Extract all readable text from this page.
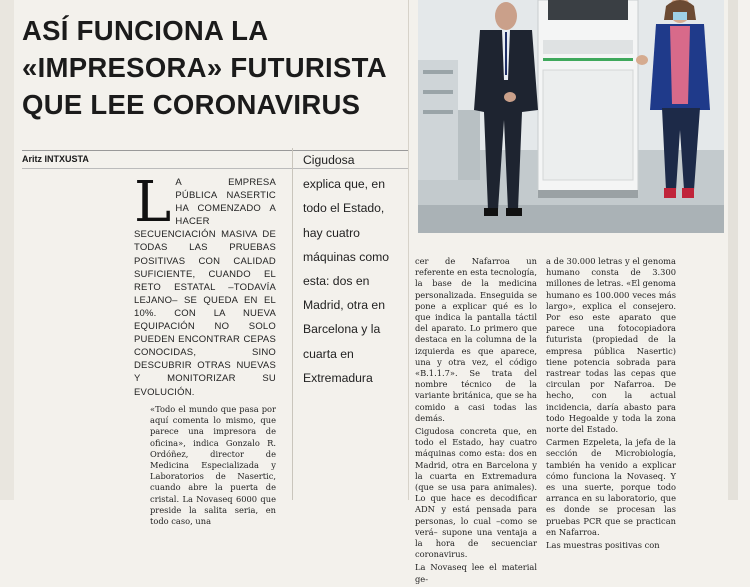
ASÍ FUNCIONA LA
«IMPRESORA» FUTURISTA
QUE LEE CORONAVIRUS
Aritz INTXUSTA
L A EMPRESA PÚBLICA NASERTIC HA COMENZADO A HACER SECUENCIACIÓN MASIVA DE TODAS LAS PRUEBAS POSITIVAS CON CALIDAD SUFICIENTE, CUANDO EL RETO ESTATAL –TODAVÍA LEJANO– SE QUEDA EN EL 10%. CON LA NUEVA EQUIPACIÓN NO SOLO PUEDEN ENCONTRAR CEPAS CONOCIDAS, SINO DESCUBRIR OTRAS NUEVAS Y MONITORIZAR SU EVOLUCIÓN.

«Todo el mundo que pasa por aquí comenta lo mismo, que parece una impresora de oficina», indica Gonzalo R. Ordóñez, director de Medicina Especializada y Laboratorios de Nasertic, cuando abre la puerta de cristal. La Novaseq 6000 que preside la salita seria, en todo caso, una

Cigudosa explica que, en todo el Estado, hay cuatro máquinas como esta: dos en Madrid, otra en Barcelona y la cuarta en Extremadura

cer de Nafarroa un referente en esta tecnología, la base de la medicina personalizada. Enseguida se pone a explicar qué es lo que indica la pantalla táctil del aparato. Lo primero que destaca en la columna de la izquierda es que aparece, una y otra vez, el código «B.1.1.7». Se trata del nombre técnico de la variante británica, que se ha comido a casi todas las demás.

Cigudosa concreta que, en todo el Estado, hay cuatro máquinas como esta: dos en Madrid, otra en Barcelona y la cuarta en Extremadura (que se usa para animales). Lo que hace es decodificar ADN y está pensada para personas, lo cual –como se verá– supone una ventaja a la hora de secuenciar coronavirus.

La Novaseq lee el material ge-

a de 30.000 letras y el genoma humano consta de 3.300 millones de letras. «El genoma humano es 100.000 veces más largo», explica el consejero. Por eso este aparato que parece una fotocopiadora futurista (propiedad de la empresa pública Nasertic) tiene potencia sobrada para rastrear todas las cepas que circulan por Nafarroa. De hecho, con la actual incidencia, daría abasto para todo Hegoalde y toda la zona norte del Estado.

Carmen Ezpeleta, la jefa de la sección de Microbiología, también ha venido a explicar cómo funciona la Novaseq. Y es una suerte, porque todo arranca en su laboratorio, que es donde se procesan las pruebas PCR que se practican en Nafarroa.

Las muestras positivas con
